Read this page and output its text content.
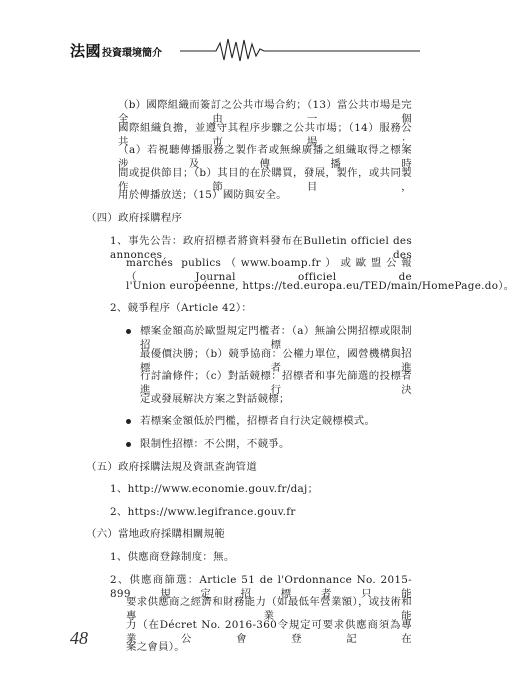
法國投資環境簡介
（b）國際組織而簽訂之公共市場合約；（13）當公共市場是完全由一個
國際組織負擔，並遵守其程序步驟之公共市場；（14）服務公共市場：
（a）若視聽傳播服務之製作者或無線廣播之組織取得之標案涉及傳播時
間或提供節目；（b）其目的在於購買，發展，製作，或共同製作節目，
用於傳播放送；（15）國防與安全。
（四）政府採購程序
1、事先公告：政府招標者將資料發布在Bulletin officiel des annonces des
marchés publics（www.boamp.fr）或歐盟公報（Journal officiel de
l'Union européenne, https://ted.europa.eu/TED/main/HomePage.do）。
2、競爭程序（Article 42）：
標案金額高於歐盟規定門檻者：（a）無論公開招標或限制招標，
最優價決勝；（b）競爭協商：公權力單位，國營機構與招標者進
行討論條件；（c）對話競標：招標者和事先篩選的投標者進行決
定或發展解決方案之對話競標；
若標案金額低於門檻，招標者自行決定競標模式。
限制性招標：不公開，不競爭。
（五）政府採購法規及資訊查詢管道
1、http://www.economie.gouv.fr/daj；
2、https://www.legifrance.gouv.fr
（六）當地政府採購相關規範
1、供應商登錄制度：無。
2、供應商篩選：Article 51 de l'Ordonnance No. 2015-899規定招標者只能
要求供應商之經濟和財務能力（如最低年營業額），或技術和專業能
力（在Décret No. 2016-360令規定可要求供應商須為專業公會登記在
案之會員）。
48
